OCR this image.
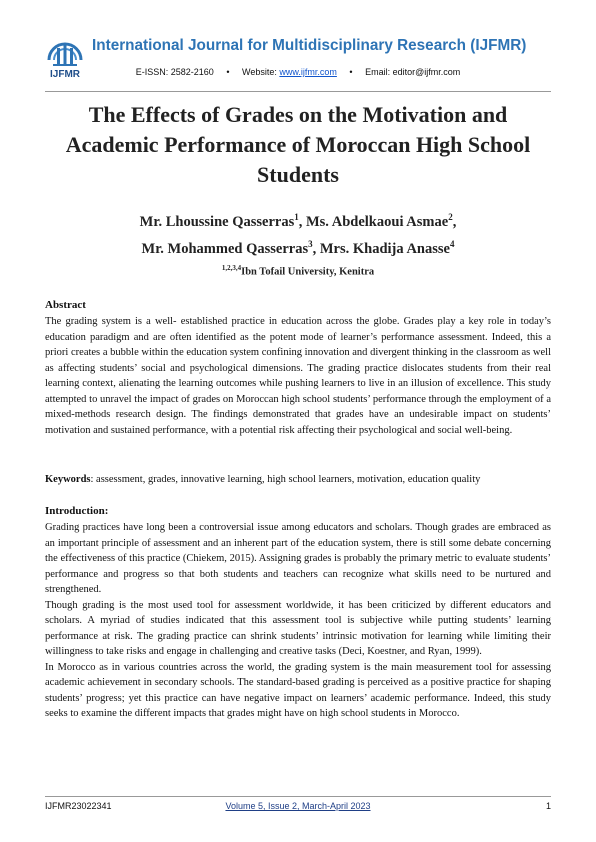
IJFMR
International Journal for Multidisciplinary Research (IJFMR)
E-ISSN: 2582-2160 • Website: www.ijfmr.com • Email: editor@ijfmr.com
The Effects of Grades on the Motivation and Academic Performance of Moroccan High School Students
Mr. Lhoussine Qasserras$^1$, Ms. Abdelkaoui Asmae$^2$,
Mr. Mohammed Qasserras$^3$, Mrs. Khadija Anasse$^4$
$^{1,2,3,4}$Ibn Tofail University, Kenitra
Abstract

The grading system is a well- established practice in education across the globe. Grades play a key role in today’s education paradigm and are often identified as the potent mode of learner’s performance assessment. Indeed, this a priori creates a bubble within the education system confining innovation and divergent thinking in the classroom as well as affecting students’ social and psychological dimensions. The grading practice dislocates students from their real learning context, alienating the learning outcomes while pushing learners to live in an illusion of excellence. This study attempted to unravel the impact of grades on Moroccan high school students’ performance through the employment of a mixed-methods research design. The findings demonstrated that grades have an undesirable impact on students’ motivation and sustained performance, with a potential risk affecting their psychological and social well-being.

Keywords: assessment, grades, innovative learning, high school learners, motivation, education quality
Introduction:

Grading practices have long been a controversial issue among educators and scholars. Though grades are embraced as an important principle of assessment and an inherent part of the education system, there is still some debate concerning the effectiveness of this practice (Chiekem, 2015). Assigning grades is probably the primary metric to evaluate students’ performance and progress so that both students and teachers can recognize what skills need to be nurtured and strengthened.

Though grading is the most used tool for assessment worldwide, it has been criticized by different educators and scholars. A myriad of studies indicated that this assessment tool is subjective while putting students’ learning performance at risk. The grading practice can shrink students’ intrinsic motivation for learning while limiting their willingness to take risks and engage in challenging and creative tasks (Deci, Koestner, and Ryan, 1999).

In Morocco as in various countries across the world, the grading system is the main measurement tool for assessing academic achievement in secondary schools. The standard-based grading is perceived as a positive practice for shaping students’ progress; yet this practice can have negative impact on learners’ academic performance. Indeed, this study seeks to examine the different impacts that grades might have on high school students in Morocco.

IJFMR23022341	Volume 5, Issue 2, March-April 2023	1
